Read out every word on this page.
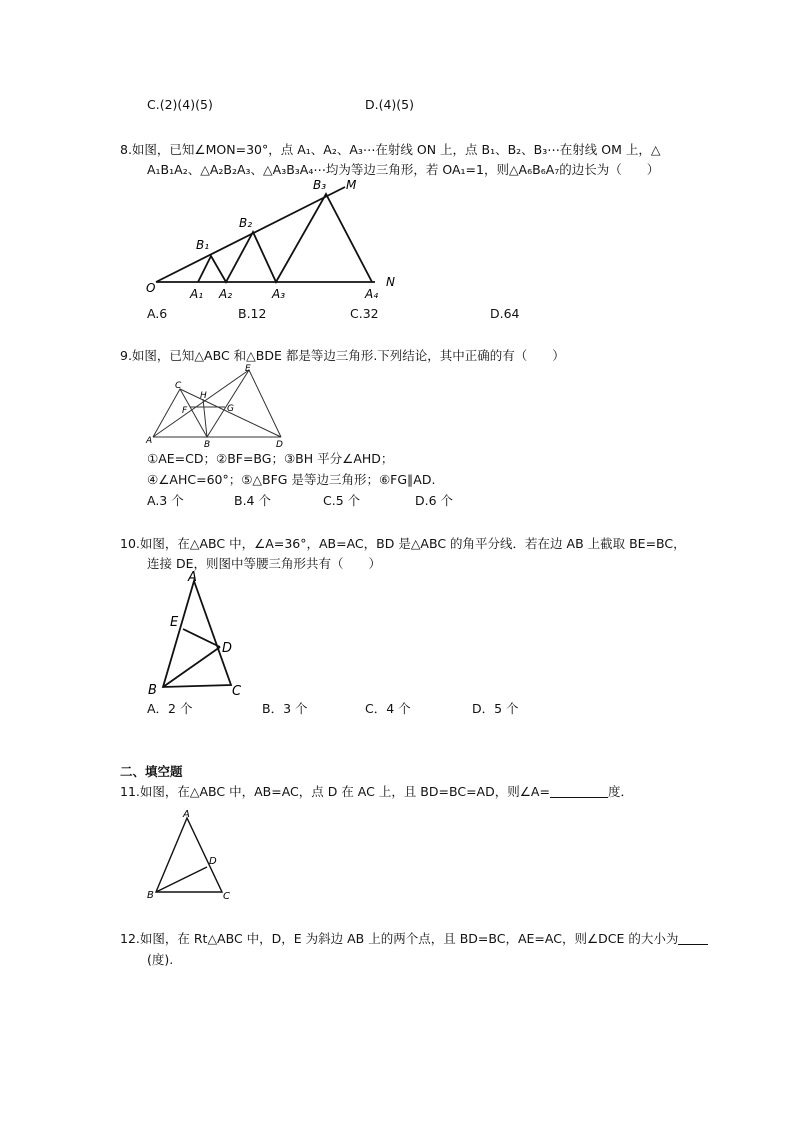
C.(2)(4)(5)	D.(4)(5)
8.如图，已知∠MON=30°，点 A₁、A₂、A₃⋯在射线 ON 上，点 B₁、B₂、B₃⋯在射线 OM 上，△
A₁B₁A₂、△A₂B₂A₃、△A₃B₃A₄⋯均为等边三角形，若 OA₁=1，则△A₆B₆A₇的边长为（　　）
O	A₁ A₂	A₃	A₄
N
M
B₁
B₂
B₃
A.6	B.12	C.32	D.64
9.如图，已知△ABC 和△BDE 都是等边三角形.下列结论，其中正确的有（　　）
A	B
C
D
E
F	G
H
①AE=CD；②BF=BG；③BH 平分∠AHD；
④∠AHC=60°；⑤△BFG 是等边三角形；⑥FG∥AD.
A.3 个	B.4 个	C.5 个	D.6 个
10.如图，在△ABC 中，∠A=36°，AB=AC，BD 是△ABC 的角平分线．若在边 AB 上截取 BE=BC，
连接 DE，则图中等腰三角形共有（　　）
A
B	C
D
E
A．2 个	B．3 个	C．4 个	D．5 个
二、填空题
11.如图，在△ABC 中，AB=AC，点 D 在 AC 上，且 BD=BC=AD，则∠A=	度．
A
B	C
D
12.如图，在 Rt△ABC 中，D，E 为斜边 AB 上的两个点，且 BD=BC，AE=AC，则∠DCE 的大小为
(度).
